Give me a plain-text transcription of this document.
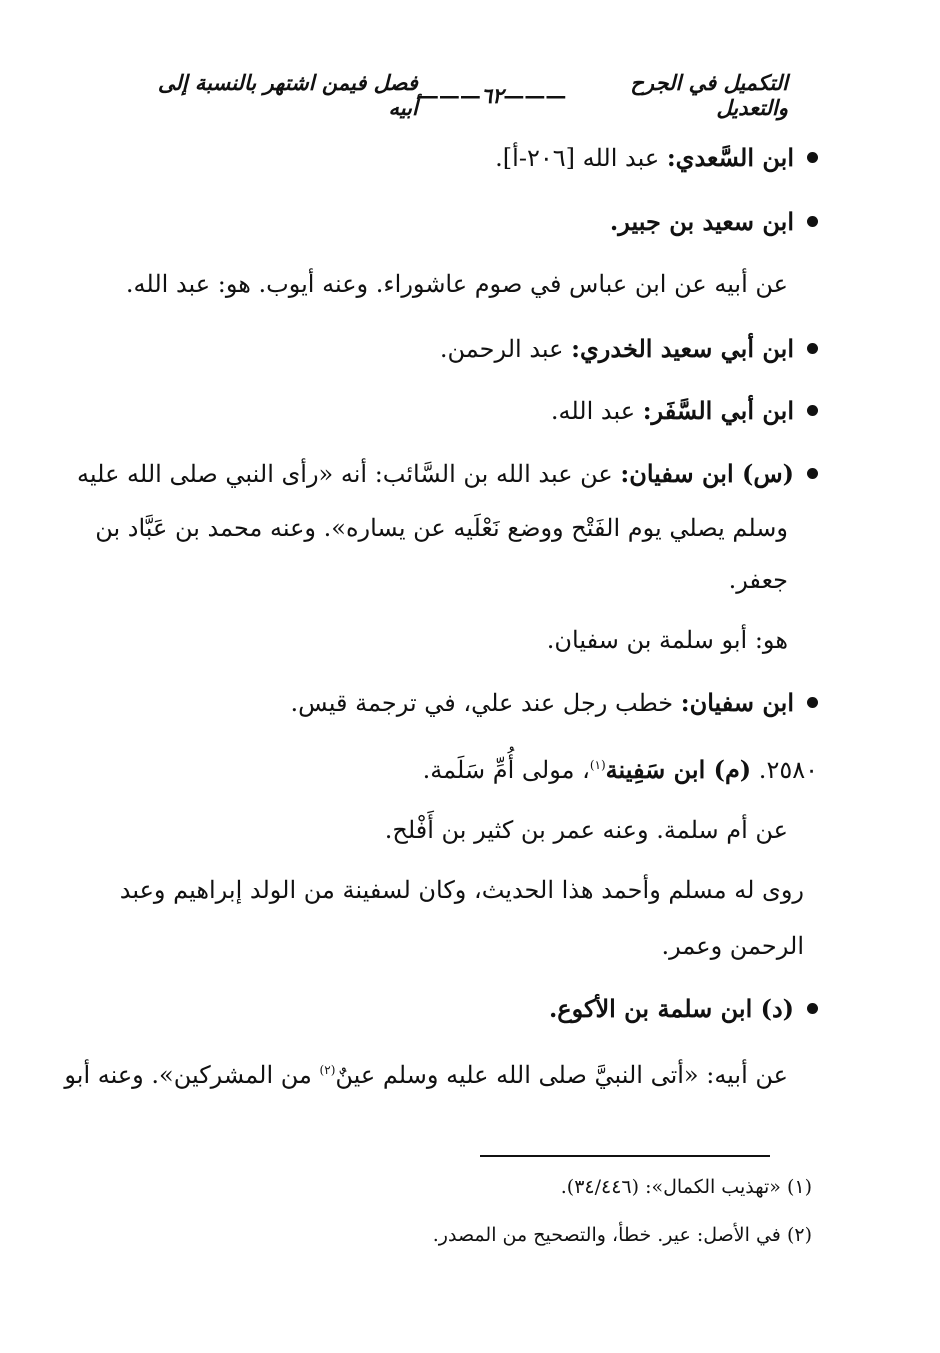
التكميل في الجرح والتعديل
———
٦٢
———
فصل فيمن اشتهر بالنسبة إلى أبيه
ابن السَّعدي: عبد الله [٢٠٦-أ].
ابن سعيد بن جبير.
عن أبيه عن ابن عباس في صوم عاشوراء. وعنه أيوب. هو: عبد الله.
ابن أبي سعيد الخدري: عبد الرحمن.
ابن أبي السَّفَر: عبد الله.
(س) ابن سفيان: عن عبد الله بن السَّائب: أنه «رأى النبي صلى الله عليه
وسلم يصلي يوم الفَتْح ووضع نَعْلَيه عن يساره». وعنه محمد بن عَبَّاد بن
جعفر.
هو: أبو سلمة بن سفيان.
ابن سفيان: خطب رجل عند علي، في ترجمة قيس.
٢٥٨٠. (م) ابن سَفِينة$^{(١)}$، مولى أُمِّ سَلَمة.
عن أم سلمة. وعنه عمر بن كثير بن أَفْلح.
روى له مسلم وأحمد هذا الحديث، وكان لسفينة من الولد إبراهيم وعبد
الرحمن وعمر.
(د) ابن سلمة بن الأكوع.
عن أبيه: «أتى النبيَّ صلى الله عليه وسلم عينٌ$^{(٢)}$ من المشركين». وعنه أبو
(١) «تهذيب الكمال»: (٣٤/٤٤٦).
(٢) في الأصل: عير. خطأ، والتصحيح من المصدر.
